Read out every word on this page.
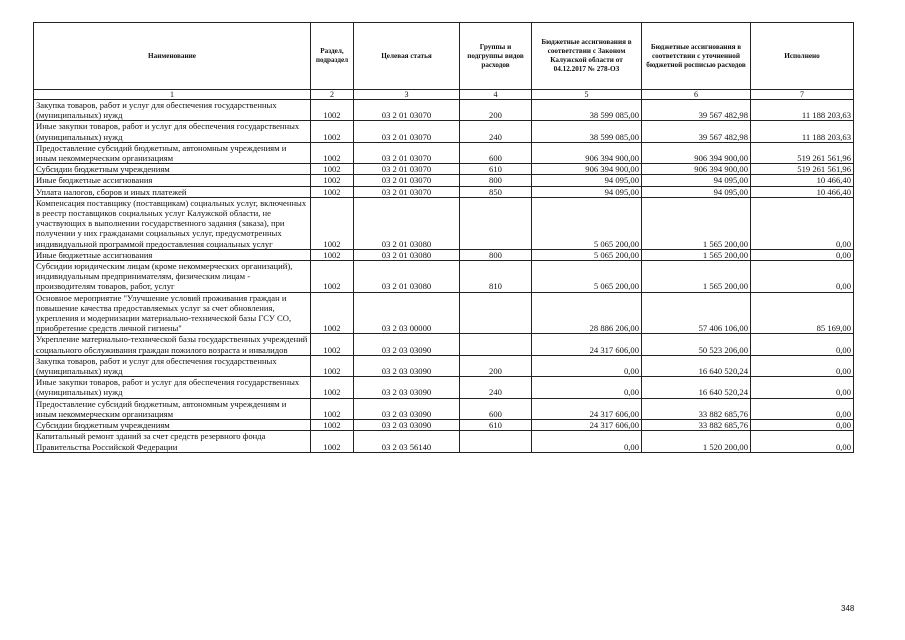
Наименование	Раздел, подраздел	Целевая статья	Группы и подгруппы видов расходов	Бюджетные ассигнования в соответствии с Законом Калужской области от 04.12.2017 № 278-ОЗ	Бюджетные ассигнования в соответствии с уточненной бюджетной росписью расходов	Исполнено
1	2	3	4	5	6	7
Закупка товаров, работ и услуг для обеспечения государственных (муниципальных) нужд	1002	03 2 01 03070	200	38 599 085,00	39 567 482,98	11 188 203,63
Иные закупки товаров, работ и услуг для обеспечения государственных (муниципальных) нужд	1002	03 2 01 03070	240	38 599 085,00	39 567 482,98	11 188 203,63
Предоставление субсидий бюджетным, автономным учреждениям и иным некоммерческим организациям	1002	03 2 01 03070	600	906 394 900,00	906 394 900,00	519 261 561,96
Субсидии бюджетным учреждениям	1002	03 2 01 03070	610	906 394 900,00	906 394 900,00	519 261 561,96
Иные бюджетные ассигнования	1002	03 2 01 03070	800	94 095,00	94 095,00	10 466,40
Уплата налогов, сборов и иных платежей	1002	03 2 01 03070	850	94 095,00	94 095,00	10 466,40
Компенсация поставщику (поставщикам) социальных услуг, включенных в реестр поставщиков социальных услуг Калужской области, не участвующих в выполнении государственного задания (заказа), при получении у них гражданами социальных услуг, предусмотренных индивидуальной программой предоставления социальных услуг	1002	03 2 01 03080		5 065 200,00	1 565 200,00	0,00
Иные бюджетные ассигнования	1002	03 2 01 03080	800	5 065 200,00	1 565 200,00	0,00
Субсидии юридическим лицам (кроме некоммерческих организаций), индивидуальным предпринимателям, физическим лицам - производителям товаров, работ, услуг	1002	03 2 01 03080	810	5 065 200,00	1 565 200,00	0,00
Основное мероприятие "Улучшение условий проживания граждан и повышение качества предоставляемых услуг за счет обновления, укрепления и модернизации материально-технической базы ГСУ СО, приобретение средств личной гигиены"	1002	03 2 03 00000		28 886 206,00	57 406 106,00	85 169,00
Укрепление материально-технической базы государственных учреждений социального обслуживания граждан пожилого возраста и инвалидов	1002	03 2 03 03090		24 317 606,00	50 523 206,00	0,00
Закупка товаров, работ и услуг для обеспечения государственных (муниципальных) нужд	1002	03 2 03 03090	200	0,00	16 640 520,24	0,00
Иные закупки товаров, работ и услуг для обеспечения государственных (муниципальных) нужд	1002	03 2 03 03090	240	0,00	16 640 520,24	0,00
Предоставление субсидий бюджетным, автономным учреждениям и иным некоммерческим организациям	1002	03 2 03 03090	600	24 317 606,00	33 882 685,76	0,00
Субсидии бюджетным учреждениям	1002	03 2 03 03090	610	24 317 606,00	33 882 685,76	0,00
Капитальный ремонт зданий за счет средств резервного фонда Правительства Российской Федерации	1002	03 2 03 56140		0,00	1 520 200,00	0,00
348
